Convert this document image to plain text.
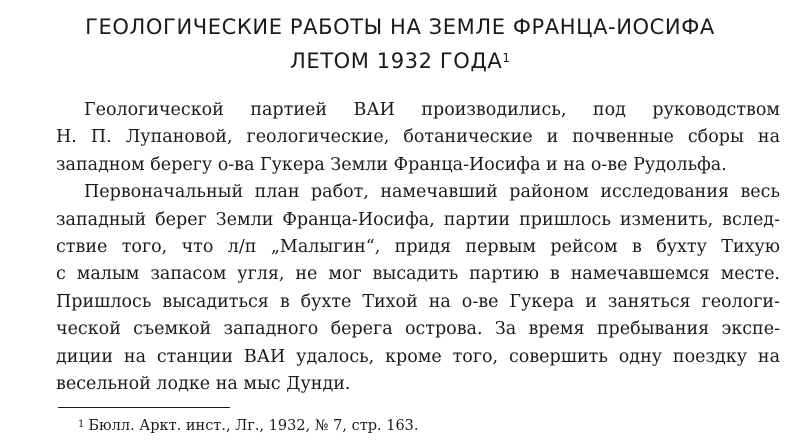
ГЕОЛОГИЧЕСКИЕ РАБОТЫ НА ЗЕМЛЕ ФРАНЦА-ИОСИФА
ЛЕТОМ 1932 ГОДА$^1$
Геологической партией ВАИ производились, под руководством
Н. П. Лупановой, геологические, ботанические и почвенные сборы на
западном берегу о-ва Гукера Земли Франца-Иосифа и на о-ве Рудольфа.
Первоначальный план работ, намечавший районом исследования весь
западный берег Земли Франца-Иосифа, партии пришлось изменить, вслед-
ствие того, что л/п „Малыгин“, придя первым рейсом в бухту Тихую
с малым запасом угля, не мог высадить партию в намечавшемся месте.
Пришлось высадиться в бухте Тихой на о-ве Гукера и заняться геологи-
ческой съемкой западного берега острова. За время пребывания экспе-
диции на станции ВАИ удалось, кроме того, совершить одну поездку на
весельной лодке на мыс Дунди.
$^1$ Бюлл. Аркт. инст., Лг., 1932, № 7, стр. 163.
